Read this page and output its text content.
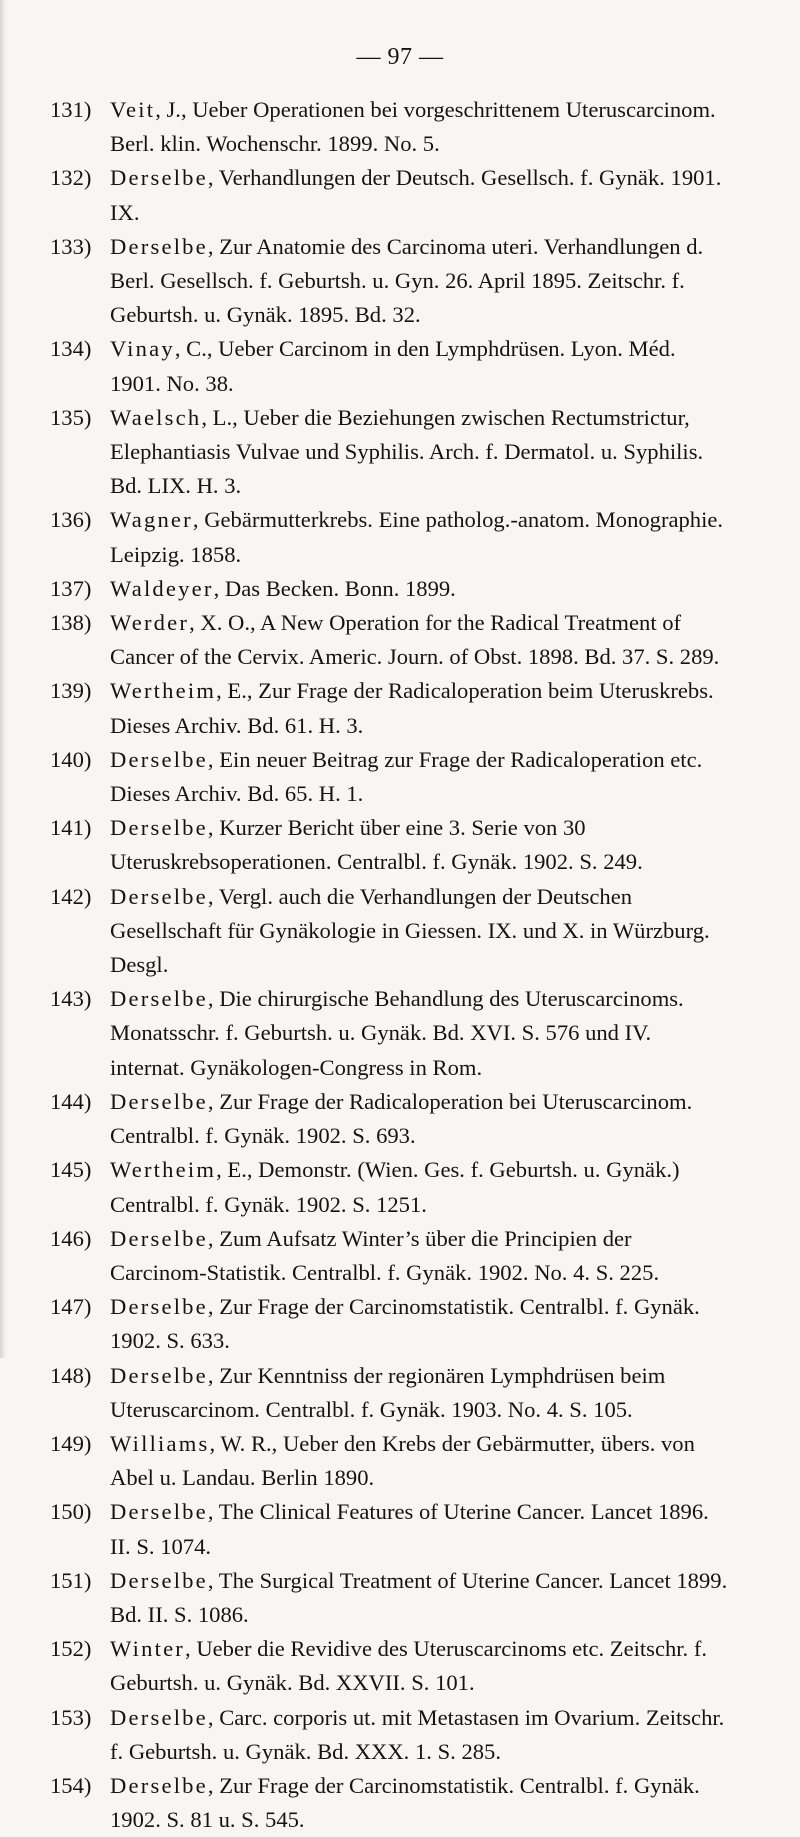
— 97 —
131) Veit, J., Ueber Operationen bei vorgeschrittenem Uteruscarcinom. Berl. klin. Wochenschr. 1899. No. 5.
132) Derselbe, Verhandlungen der Deutsch. Gesellsch. f. Gynäk. 1901. IX.
133) Derselbe, Zur Anatomie des Carcinoma uteri. Verhandlungen d. Berl. Gesellsch. f. Geburtsh. u. Gyn. 26. April 1895. Zeitschr. f. Geburtsh. u. Gynäk. 1895. Bd. 32.
134) Vinay, C., Ueber Carcinom in den Lymphdrüsen. Lyon. Méd. 1901. No. 38.
135) Waelsch, L., Ueber die Beziehungen zwischen Rectumstrictur, Elephantiasis Vulvae und Syphilis. Arch. f. Dermatol. u. Syphilis. Bd. LIX. H. 3.
136) Wagner, Gebärmutterkrebs. Eine patholog.-anatom. Monographie. Leipzig. 1858.
137) Waldeyer, Das Becken. Bonn. 1899.
138) Werder, X. O., A New Operation for the Radical Treatment of Cancer of the Cervix. Americ. Journ. of Obst. 1898. Bd. 37. S. 289.
139) Wertheim, E., Zur Frage der Radicaloperation beim Uteruskrebs. Dieses Archiv. Bd. 61. H. 3.
140) Derselbe, Ein neuer Beitrag zur Frage der Radicaloperation etc. Dieses Archiv. Bd. 65. H. 1.
141) Derselbe, Kurzer Bericht über eine 3. Serie von 30 Uteruskrebsoperationen. Centralbl. f. Gynäk. 1902. S. 249.
142) Derselbe, Vergl. auch die Verhandlungen der Deutschen Gesellschaft für Gynäkologie in Giessen. IX. und X. in Würzburg. Desgl.
143) Derselbe, Die chirurgische Behandlung des Uteruscarcinoms. Monatsschr. f. Geburtsh. u. Gynäk. Bd. XVI. S. 576 und IV. internat. Gynäkologen-Congress in Rom.
144) Derselbe, Zur Frage der Radicaloperation bei Uteruscarcinom. Centralbl. f. Gynäk. 1902. S. 693.
145) Wertheim, E., Demonstr. (Wien. Ges. f. Geburtsh. u. Gynäk.) Centralbl. f. Gynäk. 1902. S. 1251.
146) Derselbe, Zum Aufsatz Winter’s über die Principien der Carcinom-Statistik. Centralbl. f. Gynäk. 1902. No. 4. S. 225.
147) Derselbe, Zur Frage der Carcinomstatistik. Centralbl. f. Gynäk. 1902. S. 633.
148) Derselbe, Zur Kenntniss der regionären Lymphdrüsen beim Uteruscarcinom. Centralbl. f. Gynäk. 1903. No. 4. S. 105.
149) Williams, W. R., Ueber den Krebs der Gebärmutter, übers. von Abel u. Landau. Berlin 1890.
150) Derselbe, The Clinical Features of Uterine Cancer. Lancet 1896. II. S. 1074.
151) Derselbe, The Surgical Treatment of Uterine Cancer. Lancet 1899. Bd. II. S. 1086.
152) Winter, Ueber die Revidive des Uteruscarcinoms etc. Zeitschr. f. Geburtsh. u. Gynäk. Bd. XXVII. S. 101.
153) Derselbe, Carc. corporis ut. mit Metastasen im Ovarium. Zeitschr. f. Geburtsh. u. Gynäk. Bd. XXX. 1. S. 285.
154) Derselbe, Zur Frage der Carcinomstatistik. Centralbl. f. Gynäk. 1902. S. 81 u. S. 545.
